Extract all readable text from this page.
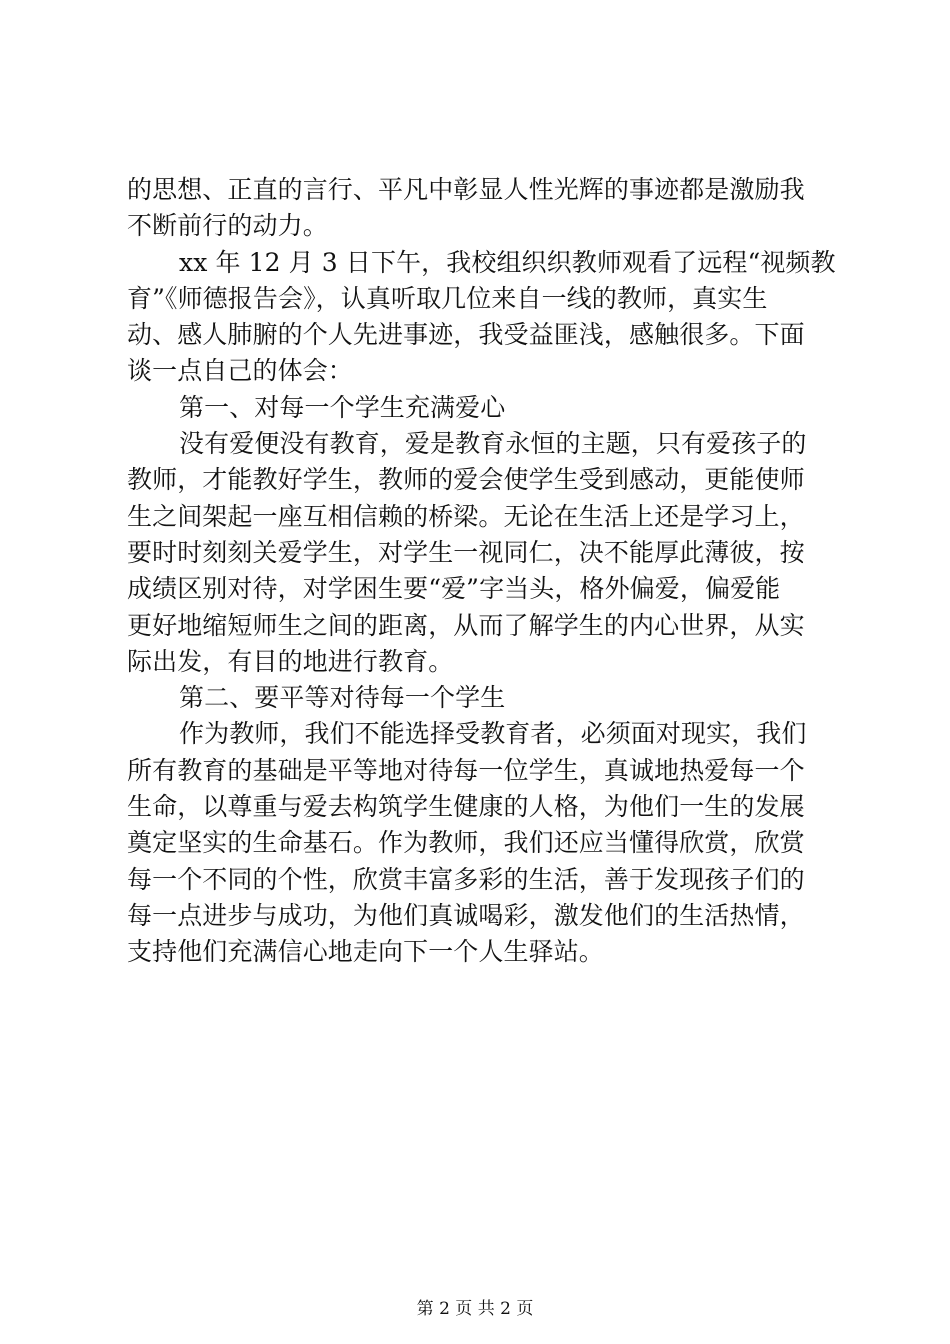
的思想、正直的言行、平凡中彰显人性光辉的事迹都是激励我
不断前行的动力。
xx 年 12 月 3 日下午，我校组织织教师观看了远程“视频教
育”《师德报告会》，认真听取几位来自一线的教师，真实生
动、感人肺腑的个人先进事迹，我受益匪浅，感触很多。下面
谈一点自己的体会：
第一、对每一个学生充满爱心
没有爱便没有教育，爱是教育永恒的主题，只有爱孩子的
教师，才能教好学生，教师的爱会使学生受到感动，更能使师
生之间架起一座互相信赖的桥梁。无论在生活上还是学习上，
要时时刻刻关爱学生，对学生一视同仁，决不能厚此薄彼，按
成绩区别对待，对学困生要“爱”字当头，格外偏爱，偏爱能
更好地缩短师生之间的距离，从而了解学生的内心世界，从实
际出发，有目的地进行教育。
第二、要平等对待每一个学生
作为教师，我们不能选择受教育者，必须面对现实，我们
所有教育的基础是平等地对待每一位学生，真诚地热爱每一个
生命，以尊重与爱去构筑学生健康的人格，为他们一生的发展
奠定坚实的生命基石。作为教师，我们还应当懂得欣赏，欣赏
每一个不同的个性，欣赏丰富多彩的生活，善于发现孩子们的
每一点进步与成功，为他们真诚喝彩，激发他们的生活热情，
支持他们充满信心地走向下一个人生驿站。
第 2 页 共 2 页
